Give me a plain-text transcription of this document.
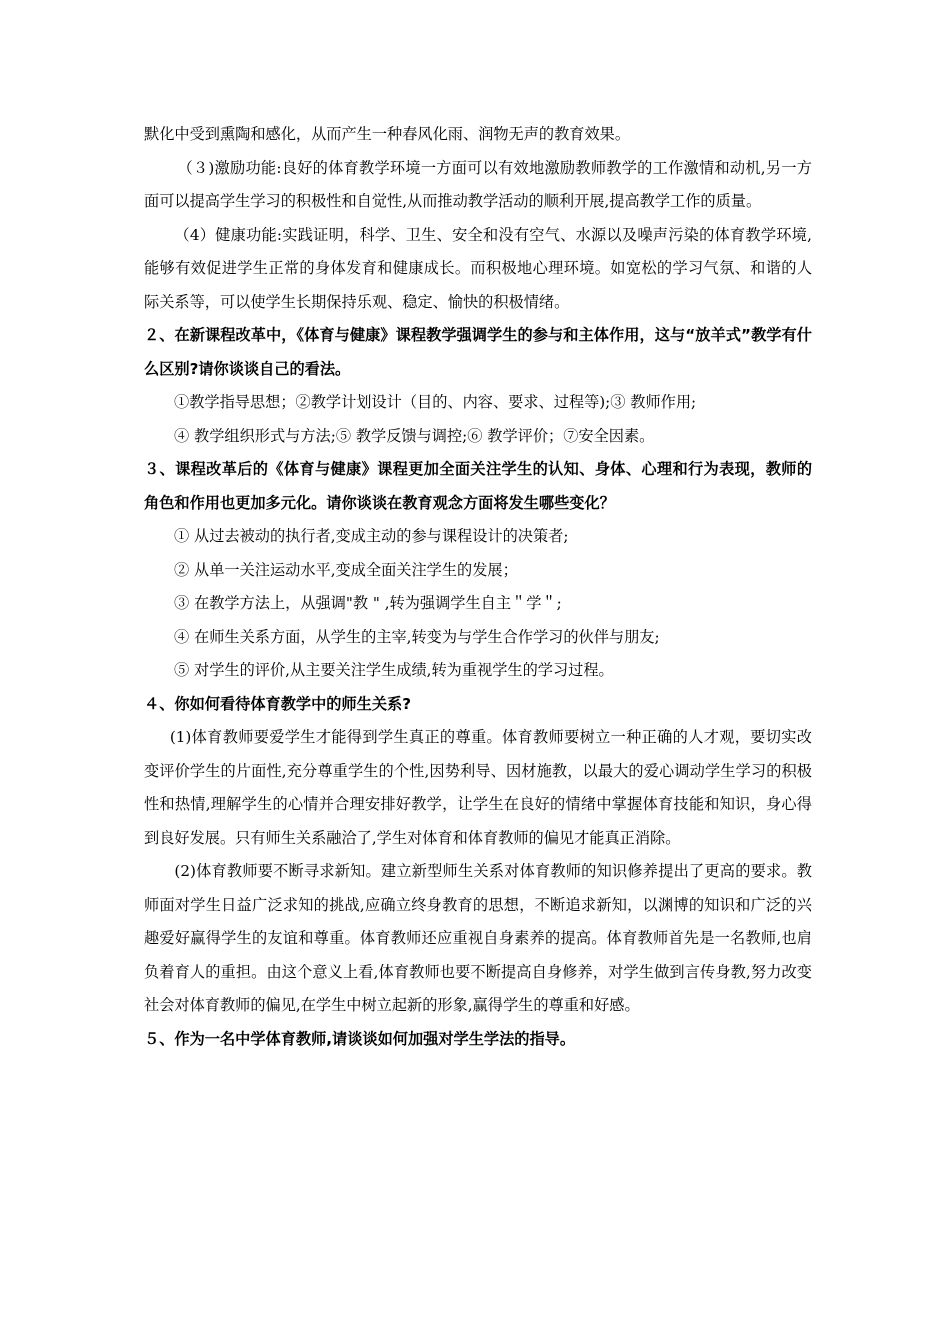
默化中受到熏陶和感化，从而产生一种春风化雨、润物无声的教育效果。

（３)激励功能:良好的体育教学环境一方面可以有效地激励教师教学的工作激情和动机,另一方面可以提高学生学习的积极性和自觉性,从而推动教学活动的顺利开展,提高教学工作的质量。

（4）健康功能:实践证明，科学、卫生、安全和没有空气、水源以及噪声污染的体育教学环境,能够有效促进学生正常的身体发育和健康成长。而积极地心理环境。如宽松的学习气氛、和谐的人际关系等，可以使学生长期保持乐观、稳定、愉快的积极情绪。

２、在新课程改革中，《体育与健康》课程教学强调学生的参与和主体作用，这与“放羊式”教学有什么区别?请你谈谈自己的看法。

①教学指导思想；②教学计划设计（目的、内容、要求、过程等);③ 教师作用;

④ 教学组织形式与方法;⑤ 教学反馈与调控;⑥ 教学评价；⑦安全因素。

３、课程改革后的《体育与健康》课程更加全面关注学生的认知、身体、心理和行为表现，教师的角色和作用也更加多元化。请你谈谈在教育观念方面将发生哪些变化？

① 从过去被动的执行者,变成主动的参与课程设计的决策者;

② 从单一关注运动水平,变成全面关注学生的发展；

③ 在教学方法上，从强调"教 " ,转为强调学生自主＂学＂;

④ 在师生关系方面，从学生的主宰,转变为与学生合作学习的伙伴与朋友;

⑤ 对学生的评价,从主要关注学生成绩,转为重视学生的学习过程。

４、你如何看待体育教学中的师生关系?

(1)体育教师要爱学生才能得到学生真正的尊重。体育教师要树立一种正确的人才观，要切实改变评价学生的片面性,充分尊重学生的个性,因势利导、因材施教，以最大的爱心调动学生学习的积极性和热情,理解学生的心情并合理安排好教学，让学生在良好的情绪中掌握体育技能和知识，身心得到良好发展。只有师生关系融洽了,学生对体育和体育教师的偏见才能真正消除。

(2)体育教师要不断寻求新知。建立新型师生关系对体育教师的知识修养提出了更高的要求。教师面对学生日益广泛求知的挑战,应确立终身教育的思想，不断追求新知，以渊博的知识和广泛的兴趣爱好赢得学生的友谊和尊重。体育教师还应重视自身素养的提高。体育教师首先是一名教师,也肩负着育人的重担。由这个意义上看,体育教师也要不断提高自身修养，对学生做到言传身教,努力改变社会对体育教师的偏见,在学生中树立起新的形象,赢得学生的尊重和好感。

５、作为一名中学体育教师,请谈谈如何加强对学生学法的指导。
